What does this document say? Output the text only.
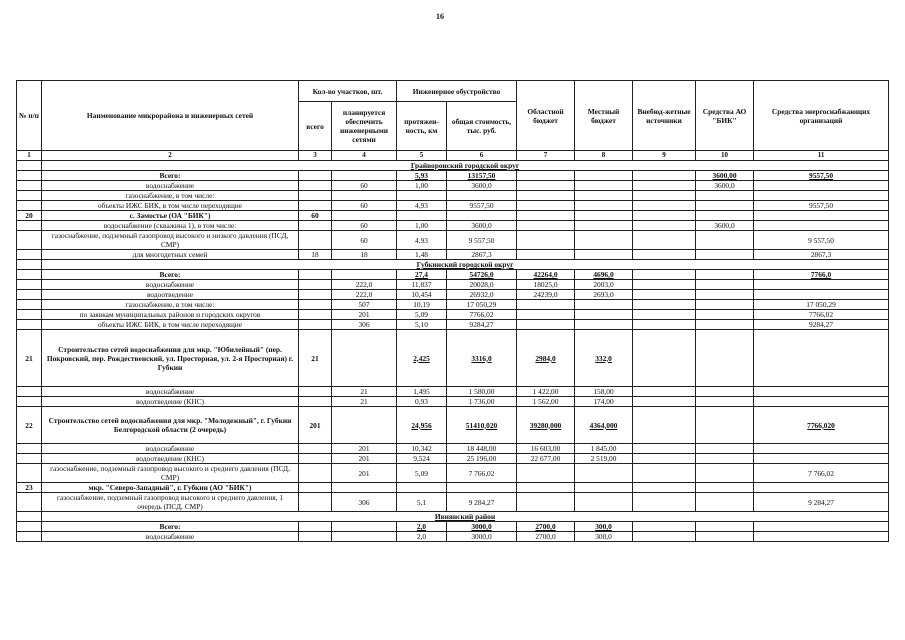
16
№ п/п	Наименование микрорайона и инженерных сетей	Кол-во участков, шт.		Инженерное обустройство		Областной бюджет	Местный бюджет	Внебюд-жетные источники	Средства АО "БИК"	Средства энергоснабжающих организаций
		всего	планируется обеспечить инженерными сетями	протяжен-ность, км	общая стоимость, тыс. руб.					
1	2	3	4	5	6	7	8	9	10	11
	Грайворонский городской округ									
	Всего:			5,93	13157,50				3600,00	9557,50
	водоснабжение		60	1,00	3600,0				3600,0	
	газоснабжение, в том числе:									
	объекты ИЖС БИК, в том числе переходящие		60	4,93	9557,50					9557,50
20	с. Замостье (ОА "БИК")	60								
	водоснабжение (скважина 1), в том числе:		60	1,00	3600,0				3600,0	
	газоснабжение, подземный газопровод высокого и низкого давления (ПСД, СМР)		60	4,93	9 557,50					9 557,50
	для многодетных семей	18	18	1,48	2867,3					2867,3
	Губкинский городской округ									
	Всего:			27,4	54726,0	42264,0	4696,0			7766,0
	водоснабжение		222,0	11,837	20028,0	18025,0	2003,0			
	водоотведение		222,0	10,454	26932,0	24239,0	2693,0			
	газоснабжение, в том числе:		507	10,19	17 050,29					17 050,29
	по заявкам муниципальных районов и городских округов		201	5,09	7766,02					7766,02
	объекты ИЖС БИК, в том числе переходящие		306	5,10	9284,27					9284,27
21	Строительство сетей водоснабжения для мкр. "Юбилейный" (пер. Покровский, пер. Рождественский, ул. Просторная, ул. 2-я Просторная) г. Губкин	21		2,425	3316,0	2984,0	332,0			
	водоснабжение		21	1,495	1 580,00	1 422,00	158,00			
	водоотведение (КНС)		21	0,93	1 736,00	1 562,00	174,00			
22	Строительство сетей водоснабжения для мкр. "Молодежный", г. Губкин Белгородской области (2 очередь)	201		24,956	51410,020	39280,000	4364,000			7766,020
	водоснабжение		201	10,342	18 448,00	16 603,00	1 845,00			
	водоотведение (КНС)		201	9,524	25 196,00	22 677,00	2 519,00			
	газоснабжение, подземный газопровод высокого и среднего давления (ПСД, СМР)		201	5,09	7 766,02					7 766,02
23	мкр. "Северо-Западный", г. Губкин (АО "БИК")									
	газоснабжение, подземный газопровод высокого и среднего давления, 1 очередь (ПСД, СМР)		306	5,1	9 284,27					9 284,27
	Ивнянский район									
	Всего:			2,0	3000,0	2700,0	300,0			
	водоснабжение			2,0	3000,0	2700,0	300,0			
